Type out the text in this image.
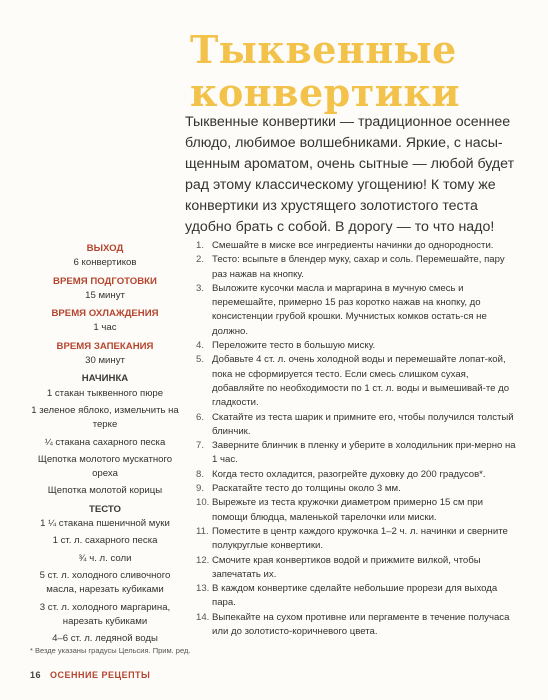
Тыквенные
конвертики

Тыквенные конвертики — традиционное осеннее блюдо, любимое волшебниками. Яркие, с насы-щенным ароматом, очень сытные — любой будет рад этому классическому угощению! К тому же конвертики из хрустящего золотистого теста удобно брать с собой. В дорогу — то что надо!

ВЫХОД
6 конвертиков
ВРЕМЯ ПОДГОТОВКИ
15 минут
ВРЕМЯ ОХЛАЖДЕНИЯ
1 час
ВРЕМЯ ЗАПЕКАНИЯ
30 минут
НАЧИНКА
1 стакан тыквенного пюре
1 зеленое яблоко, измельчить на терке
¼ стакана сахарного песка
Щепотка молотого мускатного ореха
Щепотка молотой корицы
ТЕСТО
1 ¼ стакана пшеничной муки
1 ст. л. сахарного песка
¾ ч. л. соли
5 ст. л. холодного сливочного масла, нарезать кубиками
3 ст. л. холодного маргарина, нарезать кубиками
4–6 ст. л. ледяной воды
1. Смешайте в миске все ингредиенты начинки до однородности.
2. Тесто: всыпьте в блендер муку, сахар и соль. Перемешайте, пару раз нажав на кнопку.
3. Выложите кусочки масла и маргарина в мучную смесь и перемешайте, примерно 15 раз коротко нажав на кнопку, до консистенции грубой крошки. Мучнистых комков остать-ся не должно.
4. Переложите тесто в большую миску.
5. Добавьте 4 ст. л. очень холодной воды и перемешайте лопат-кой, пока не сформируется тесто. Если смесь слишком сухая, добавляйте по необходимости по 1 ст. л. воды и вымешивай-те до гладкости.
6. Скатайте из теста шарик и примните его, чтобы получился толстый блинчик.
7. Заверните блинчик в пленку и уберите в холодильник при-мерно на 1 час.
8. Когда тесто охладится, разогрейте духовку до 200 градусов*.
9. Раскатайте тесто до толщины около 3 мм.
10. Вырежьте из теста кружочки диаметром примерно 15 см при помощи блюдца, маленькой тарелочки или миски.
11. Поместите в центр каждого кружочка 1–2 ч. л. начинки и сверните полукруглые конвертики.
12. Смочите края конвертиков водой и прижмите вилкой, чтобы запечатать их.
13. В каждом конвертике сделайте небольшие прорези для выхода пара.
14. Выпекайте на сухом противне или пергаменте в течение получаса или до золотисто-коричневого цвета.
* Везде указаны градусы Цельсия. Прим. ред.
16 ОСЕННИЕ РЕЦЕПТЫ
